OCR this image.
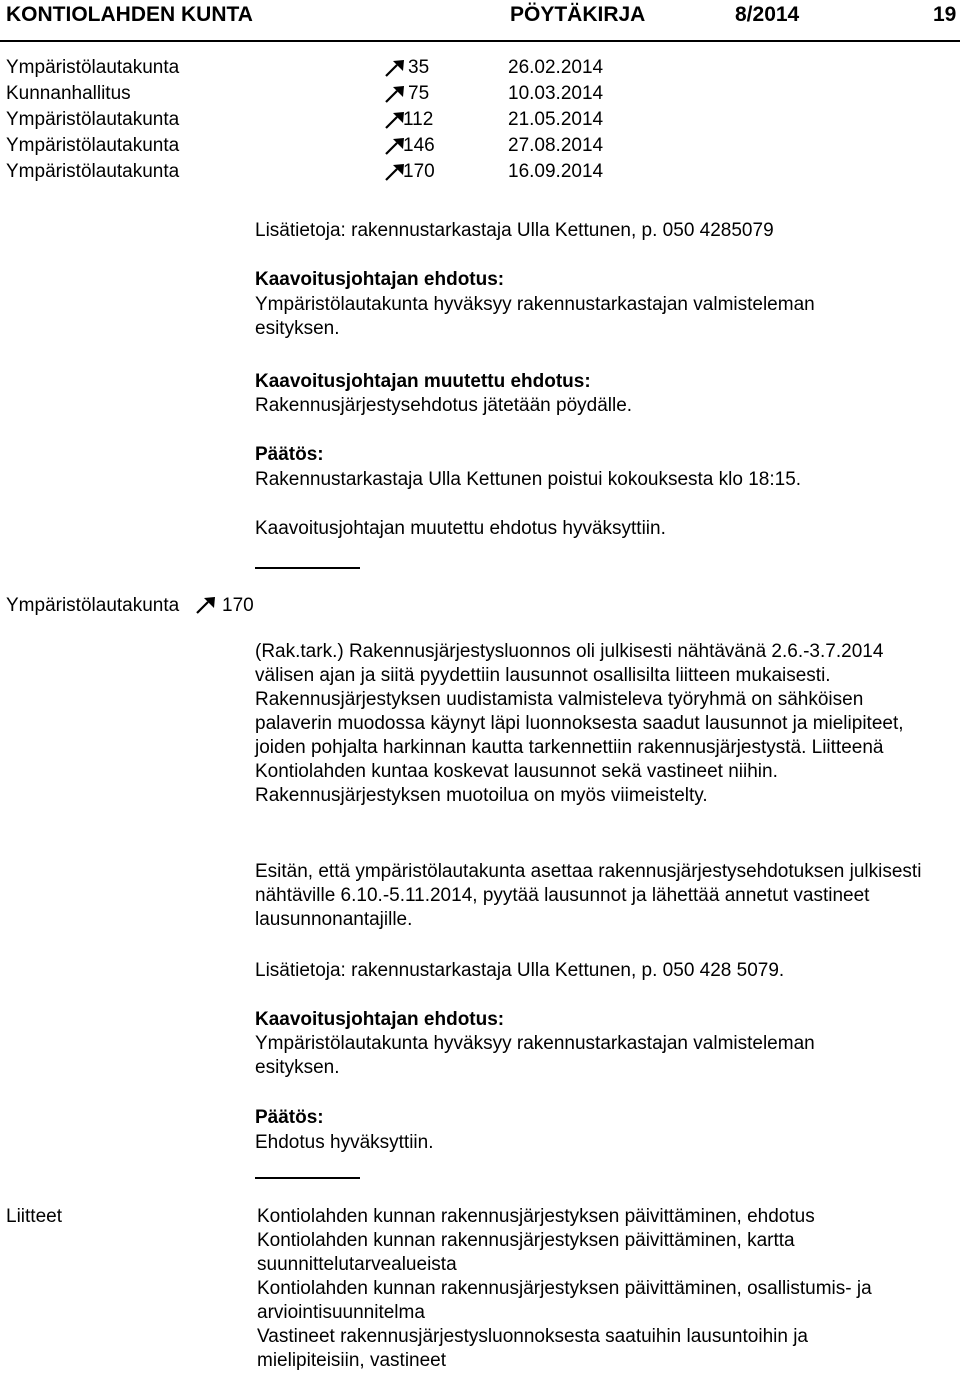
KONTIOLAHDEN KUNTA	PÖYTÄKIRJA	8/2014	19
Ympäristölautakunta	35	26.02.2014
Kunnanhallitus	75	10.03.2014
Ympäristölautakunta	112	21.05.2014
Ympäristölautakunta	146	27.08.2014
Ympäristölautakunta	170	16.09.2014
Lisätietoja: rakennustarkastaja Ulla Kettunen, p. 050 4285079
Kaavoitusjohtajan ehdotus:
Ympäristölautakunta hyväksyy rakennustarkastajan valmisteleman esityksen.
Kaavoitusjohtajan muutettu ehdotus:
Rakennusjärjestysehdotus jätetään pöydälle.
Päätös:
Rakennustarkastaja Ulla Kettunen poistui kokouksesta klo 18:15.
Kaavoitusjohtajan muutettu ehdotus hyväksyttiin.
Ympäristölautakunta 170
(Rak.tark.) Rakennusjärjestysluonnos oli julkisesti nähtävänä 2.6.-3.7.2014 välisen ajan ja siitä pyydettiin lausunnot osallisilta liitteen mukaisesti. Rakennusjärjestyksen uudistamista valmisteleva työryhmä on sähköisen palaverin muodossa käynyt läpi luonnoksesta saadut lausunnot ja mielipiteet, joiden pohjalta harkinnan kautta tarkennettiin rakennusjärjestystä. Liitteenä Kontiolahden kuntaa koskevat lausunnot sekä vastineet niihin. Rakennusjärjestyksen muotoilua on myös viimeistelty.
Esitän, että ympäristölautakunta asettaa rakennusjärjestysehdotuksen julkisesti nähtäville 6.10.-5.11.2014, pyytää lausunnot ja lähettää annetut vastineet lausunnonantajille.
Lisätietoja: rakennustarkastaja Ulla Kettunen, p. 050 428 5079.
Kaavoitusjohtajan ehdotus:
Ympäristölautakunta hyväksyy rakennustarkastajan valmisteleman esityksen.
Päätös:
Ehdotus hyväksyttiin.
Liitteet	Kontiolahden kunnan rakennusjärjestyksen päivittäminen, ehdotus
Kontiolahden kunnan rakennusjärjestyksen päivittäminen, kartta suunnittelutarvealueista
Kontiolahden kunnan rakennusjärjestyksen päivittäminen, osallistumis- ja arviointisuunnitelma
Vastineet rakennusjärjestysluonnoksesta saatuihin lausuntoihin ja mielipiteisiin, vastineet
